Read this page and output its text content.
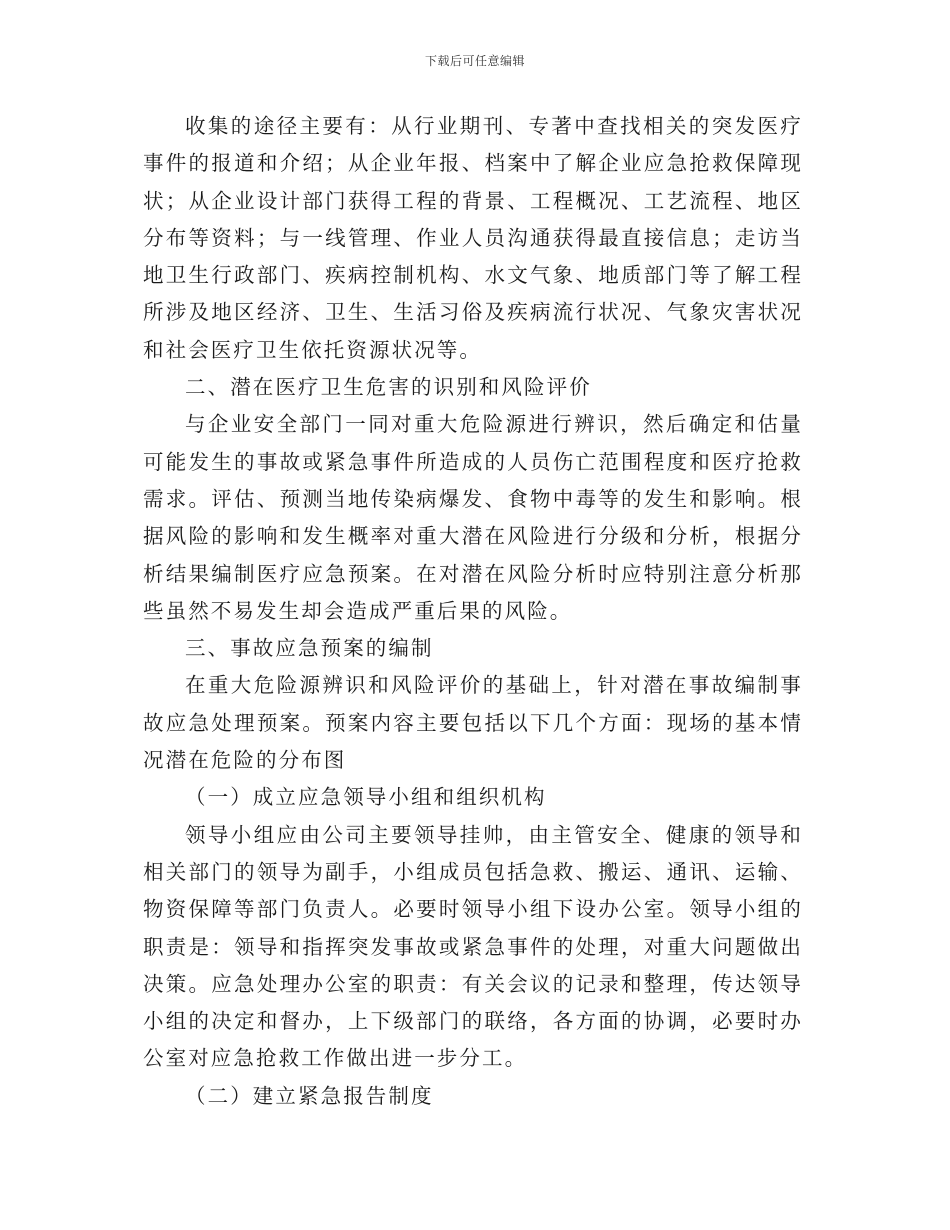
下载后可任意编辑

收集的途径主要有：从行业期刊、专著中查找相关的突发医疗事件的报道和介绍；从企业年报、档案中了解企业应急抢救保障现状；从企业设计部门获得工程的背景、工程概况、工艺流程、地区分布等资料；与一线管理、作业人员沟通获得最直接信息；走访当地卫生行政部门、疾病控制机构、水文气象、地质部门等了解工程所涉及地区经济、卫生、生活习俗及疾病流行状况、气象灾害状况和社会医疗卫生依托资源状况等。

二、潜在医疗卫生危害的识别和风险评价

与企业安全部门一同对重大危险源进行辨识，然后确定和估量可能发生的事故或紧急事件所造成的人员伤亡范围程度和医疗抢救需求。评估、预测当地传染病爆发、食物中毒等的发生和影响。根据风险的影响和发生概率对重大潜在风险进行分级和分析，根据分析结果编制医疗应急预案。在对潜在风险分析时应特别注意分析那些虽然不易发生却会造成严重后果的风险。

三、事故应急预案的编制

在重大危险源辨识和风险评价的基础上，针对潜在事故编制事故应急处理预案。预案内容主要包括以下几个方面：现场的基本情况潜在危险的分布图

（一）成立应急领导小组和组织机构

领导小组应由公司主要领导挂帅，由主管安全、健康的领导和相关部门的领导为副手，小组成员包括急救、搬运、通讯、运输、物资保障等部门负责人。必要时领导小组下设办公室。领导小组的职责是：领导和指挥突发事故或紧急事件的处理，对重大问题做出决策。应急处理办公室的职责：有关会议的记录和整理，传达领导小组的决定和督办，上下级部门的联络，各方面的协调，必要时办公室对应急抢救工作做出进一步分工。

（二）建立紧急报告制度
